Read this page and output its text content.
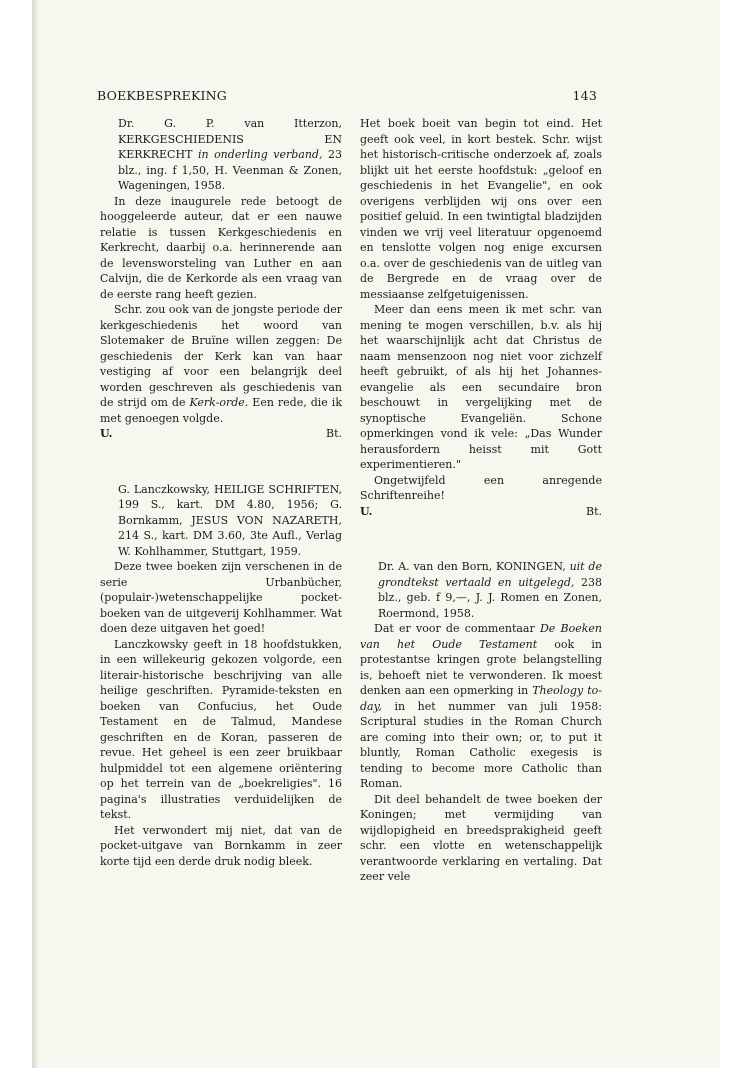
BOEKBESPREKING	143

Dr. G. P. van Itterzon, KERKGESCHIEDENIS EN KERKRECHT in onderling verband, 23 blz., ing. f 1,50, H. Veenman & Zonen, Wageningen, 1958.

In deze inaugurele rede betoogt de hooggeleerde auteur, dat er een nauwe relatie is tussen Kerkgeschiedenis en Kerkrecht, daarbij o.a. herinnerende aan de levensworsteling van Luther en aan Calvijn, die de Kerkorde als een vraag van de eerste rang heeft gezien.

Schr. zou ook van de jongste periode der kerkgeschiedenis het woord van Slotemaker de Bruïne willen zeggen: De geschiedenis der Kerk kan van haar vestiging af voor een belangrijk deel worden geschreven als geschiedenis van de strijd om de Kerk-orde. Een rede, die ik met genoegen volgde.

U.	Bt.

G. Lanczkowsky, HEILIGE SCHRIFTEN, 199 S., kart. DM 4.80, 1956; G. Bornkamm, JESUS VON NAZARETH, 214 S., kart. DM 3.60, 3te Aufl., Verlag W. Kohlhammer, Stuttgart, 1959.

Deze twee boeken zijn verschenen in de serie Urbanbücher, (populair-)wetenschappelijke pocket-boeken van de uitgeverij Kohlhammer. Wat doen deze uitgaven het goed!

Lanczkowsky geeft in 18 hoofdstukken, in een willekeurig gekozen volgorde, een literair-historische beschrijving van alle heilige geschriften. Pyramide-teksten en boeken van Confucius, het Oude Testament en de Talmud, Mandese geschriften en de Koran, passeren de revue. Het geheel is een zeer bruikbaar hulpmiddel tot een algemene oriëntering op het terrein van de „boekreligies". 16 pagina's illustraties verduidelijken de tekst.

Het verwondert mij niet, dat van de pocket-uitgave van Bornkamm in zeer korte tijd een derde druk nodig bleek.

Het boek boeit van begin tot eind. Het geeft ook veel, in kort bestek. Schr. wijst het historisch-critische onderzoek af, zoals blijkt uit het eerste hoofdstuk: „geloof en geschiedenis in het Evangelie", en ook overigens verblijden wij ons over een positief geluid. In een twintigtal bladzijden vinden we vrij veel literatuur opgenoemd en tenslotte volgen nog enige excursen o.a. over de geschiedenis van de uitleg van de Bergrede en de vraag over de messiaanse zelfgetuigenissen.

Meer dan eens meen ik met schr. van mening te mogen verschillen, b.v. als hij het waarschijnlijk acht dat Christus de naam mensenzoon nog niet voor zichzelf heeft gebruikt, of als hij het Johannes-evangelie als een secundaire bron beschouwt in vergelijking met de synoptische Evangeliën. Schone opmerkingen vond ik vele: „Das Wunder herausfordern heisst mit Gott experimentieren."

Ongetwijfeld een anregende Schriftenreihe!

U.	Bt.

Dr. A. van den Born, KONINGEN, uit de grondtekst vertaald en uitgelegd, 238 blz., geb. f 9,—, J. J. Romen en Zonen, Roermond, 1958.

Dat er voor de commentaar De Boeken van het Oude Testament ook in protestantse kringen grote belangstelling is, behoeft niet te verwonderen. Ik moest denken aan een opmerking in Theology to-day, in het nummer van juli 1958: Scriptural studies in the Roman Church are coming into their own; or, to put it bluntly, Roman Catholic exegesis is tending to become more Catholic than Roman.

Dit deel behandelt de twee boeken der Koningen; met vermijding van wijdlopigheid en breedsprakigheid geeft schr. een vlotte en wetenschappelijk verantwoorde verklaring en vertaling. Dat zeer vele
